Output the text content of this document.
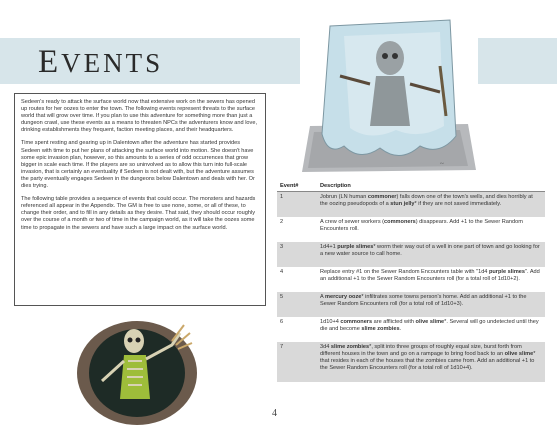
EVENTS

Sedeen's ready to attack the surface world now that extensive work on the sewers has opened up routes for her oozes to enter the town. The following events represent threats to the surface world that will grow over time. If you plan to use this adventure for something more than just a dungeon crawl, use these events as a means to threaten NPCs the adventurers know and love, drinking establishments they frequent, faction meeting places, and their headquarters.

Time spent resting and gearing up in Dalentown after the adventure has started provides Sedeen with time to put her plans of attacking the surface world into motion. She doesn't have some epic invasion plan, however, so this amounts to a series of odd occurrences that grow bigger in scale each time. If the players are so uninvolved as to allow this turn into full-scale invasion, that is certainly an eventuality if Sedeen is not dealt with, but the adventure assumes the party eventually engages Sedeen in the dungeons below Dalentown and deals with her. Or dies trying.

The following table provides a sequence of events that could occur. The monsters and hazards referenced all appear in the Appendix. The GM is free to use none, some, or all of these, to change their order, and to fill in any details as they desire. That said, they should occur roughly over the course of a month or two of time in the campaign world, as it will take the oozes some time to propagate in the sewers and have such a large impact on the surface world.

~
Event#	Description
1	Jobrun (LN human commoner) falls down one of the town's wells, and dies horribly at the oozing pseudopods of a stun jelly* if they are not saved immediately.
2	A crew of sewer workers (commoners) disappears. Add +1 to the Sewer Random Encounters roll.
3	1d4+1 purple slimes* worm their way out of a well in one part of town and go looking for a new water source to call home.
4	Replace entry #1 on the Sewer Random Encounters table with "1d4 purple slimes". Add an additional +1 to the Sewer Random Encounters roll (for a total roll of 1d10+2).
5	A mercury ooze* infiltrates some towns person's home. Add an additional +1 to the Sewer Random Encounters roll (for a total roll of 1d10+3).
6	1d10+4 commoners are afflicted with olive slime*. Several will go undetected until they die and become slime zombies.
7	3d4 slime zombies*, split into three groups of roughly equal size, burst forth from different houses in the town and go on a rampage to bring food back to an olive slime* that resides in each of the houses that the zombies came from. Add an additional +1 to the Sewer Random Encounters roll (for a total roll of 1d10+4).
4
